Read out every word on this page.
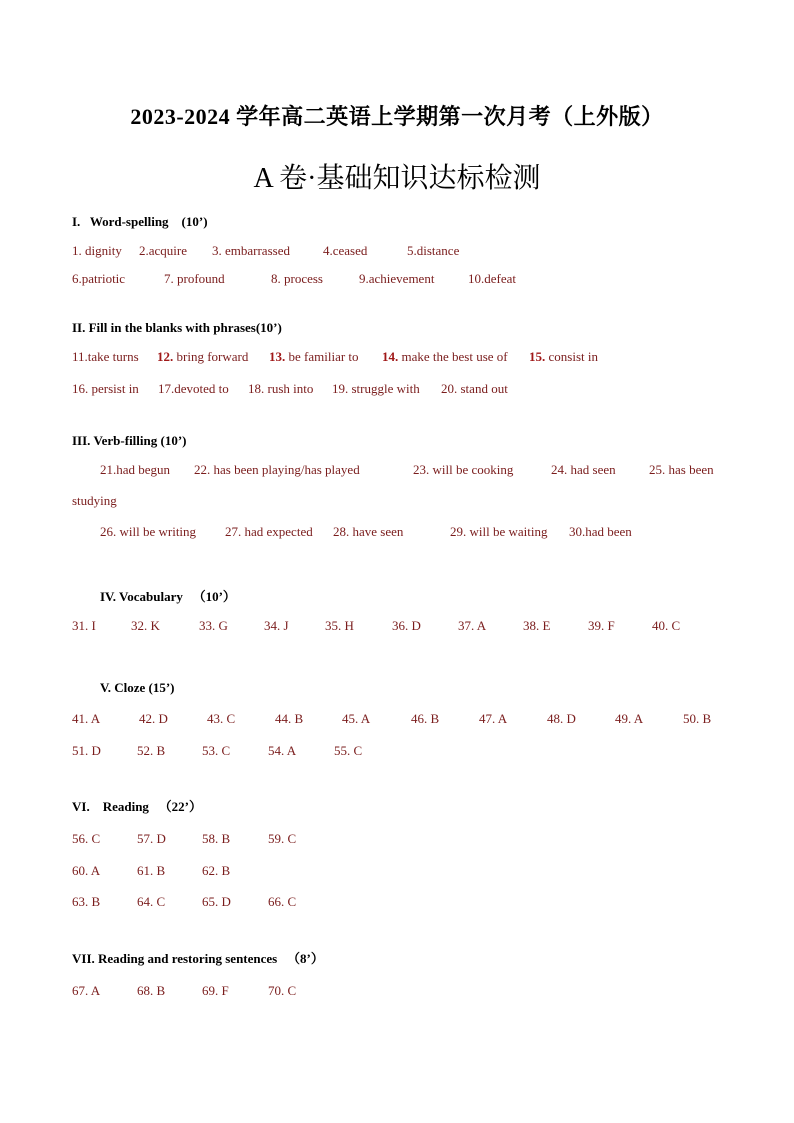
2023-2024 学年高二英语上学期第一次月考（上外版）
A 卷·基础知识达标检测
I.   Word-spelling    (10’)
1. dignity 2.acquire 3. embarrassed	4.ceased	5.distance
6.patriotic	7. profound	8. process	9.achievement	10.defeat
II. Fill in the blanks with phrases(10’)
11.take turns 12. bring forward 13. be familiar to 14. make the best use of 15. consist in
16. persist in 17.devoted to 18. rush into 19. struggle with 20. stand out
III. Verb-filling (10’)
21.had begun 22. has been playing/has played	23. will be cooking	24. had seen	25. has been
studying
26. will be writing 27. had expected 28. have seen	29. will be waiting 30.had been
IV. Vocabulary   （10’）
31. I	32. K	33. G	34. J	35. H	36. D	37. A	38. E	39. F	40. C
V. Cloze (15’)
41. A	42. D	43. C	44. B	45. A	46. B	47. A	48. D	49. A	50. B
51. D	52. B	53. C	54. A	55. C
VI.    Reading   （22’）
56. C	57. D	58. B	59. C
60. A	61. B	62. B
63. B	64. C	65. D	66. C
VII. Reading and restoring sentences   （8’）
67. A	68. B	69. F	70. C
